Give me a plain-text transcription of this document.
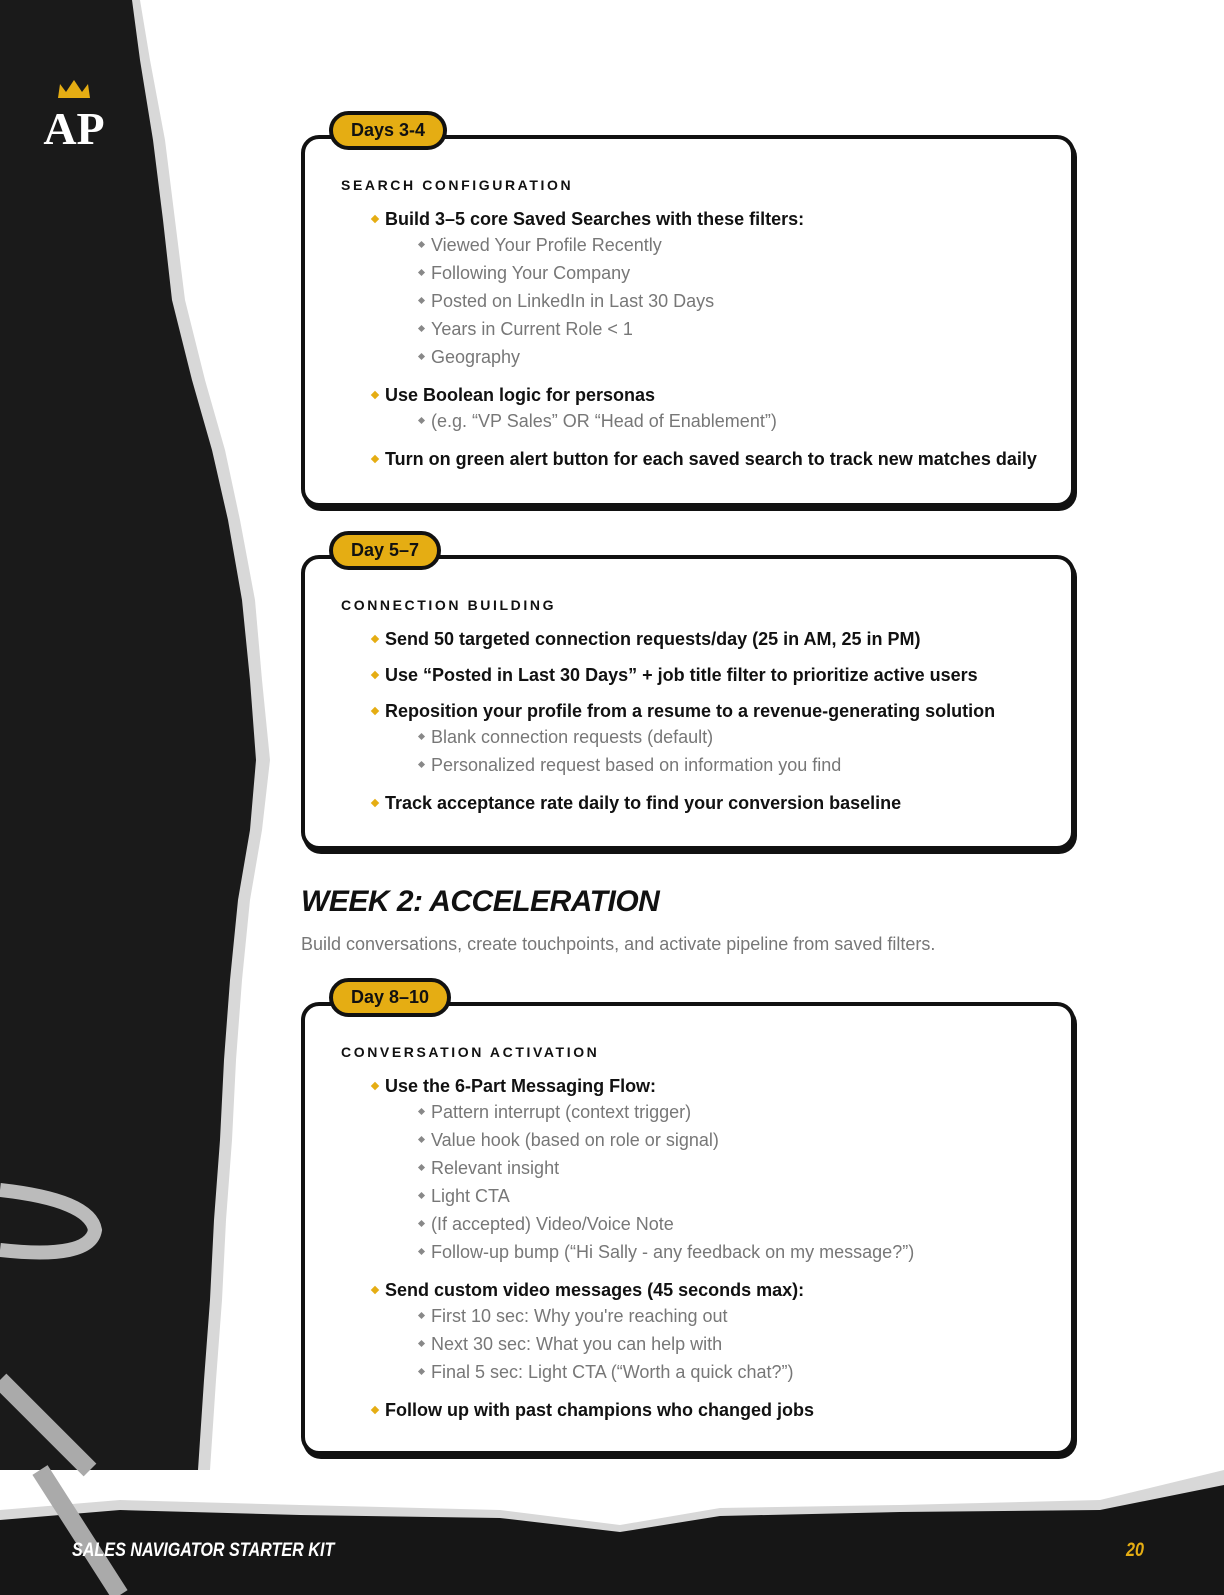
AP	Days 3-4
SEARCH CONFIGURATION
Build 3–5 core Saved Searches with these filters:
Viewed Your Profile Recently
Following Your Company
Posted on LinkedIn in Last 30 Days
Years in Current Role < 1
Geography
Use Boolean logic for personas
(e.g. “VP Sales” OR “Head of Enablement”)
Turn on green alert button for each saved search to track new matches daily
Day 5–7
CONNECTION BUILDING
Send 50 targeted connection requests/day (25 in AM, 25 in PM)
Use “Posted in Last 30 Days” + job title filter to prioritize active users
Reposition your profile from a resume to a revenue-generating solution
Blank connection requests (default)
Personalized request based on information you find
Track acceptance rate daily to find your conversion baseline
Day 8–10
CONVERSATION ACTIVATION
Use the 6-Part Messaging Flow:
Pattern interrupt (context trigger)
Value hook (based on role or signal)
Relevant insight
Light CTA
(If accepted) Video/Voice Note
Follow-up bump (“Hi Sally - any feedback on my message?”)
Send custom video messages (45 seconds max):
First 10 sec: Why you're reaching out
Next 30 sec: What you can help with
Final 5 sec: Light CTA (“Worth a quick chat?”)
Follow up with past champions who changed jobs
WEEK 2: ACCELERATION
Build conversations, create touchpoints, and activate pipeline from saved filters.
SALES NAVIGATOR STARTER KIT	20
